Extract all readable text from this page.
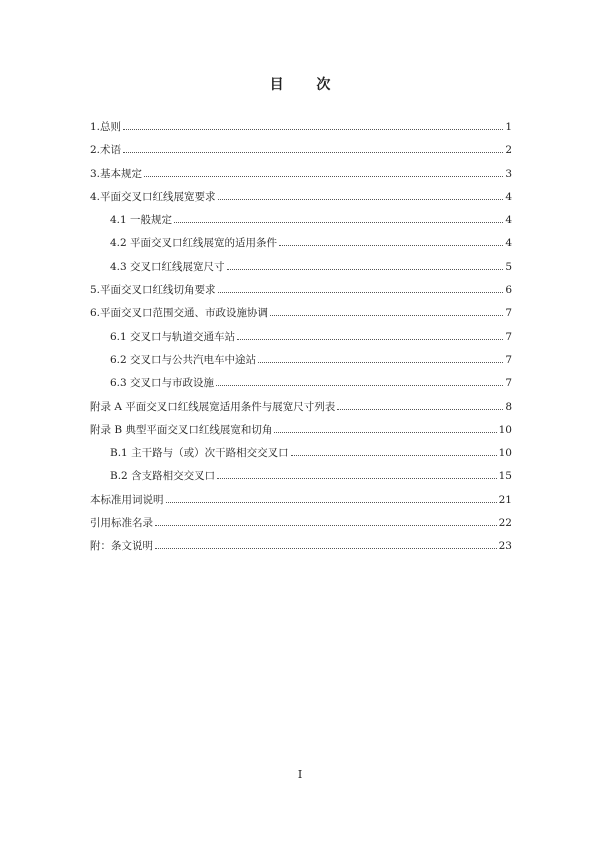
目 次
1.总则	1
2.术语	2
3.基本规定	3
4.平面交叉口红线展宽要求	4
4.1 一般规定	4
4.2 平面交叉口红线展宽的适用条件	4
4.3 交叉口红线展宽尺寸	5
5.平面交叉口红线切角要求	6
6.平面交叉口范围交通、市政设施协调	7
6.1 交叉口与轨道交通车站	7
6.2 交叉口与公共汽电车中途站	7
6.3 交叉口与市政设施	7
附录 A 平面交叉口红线展宽适用条件与展宽尺寸列表	8
附录 B 典型平面交叉口红线展宽和切角	10
B.1 主干路与（或）次干路相交交叉口	10
B.2 含支路相交交叉口	15
本标准用词说明	21
引用标准名录	22
附：条文说明	23
I
